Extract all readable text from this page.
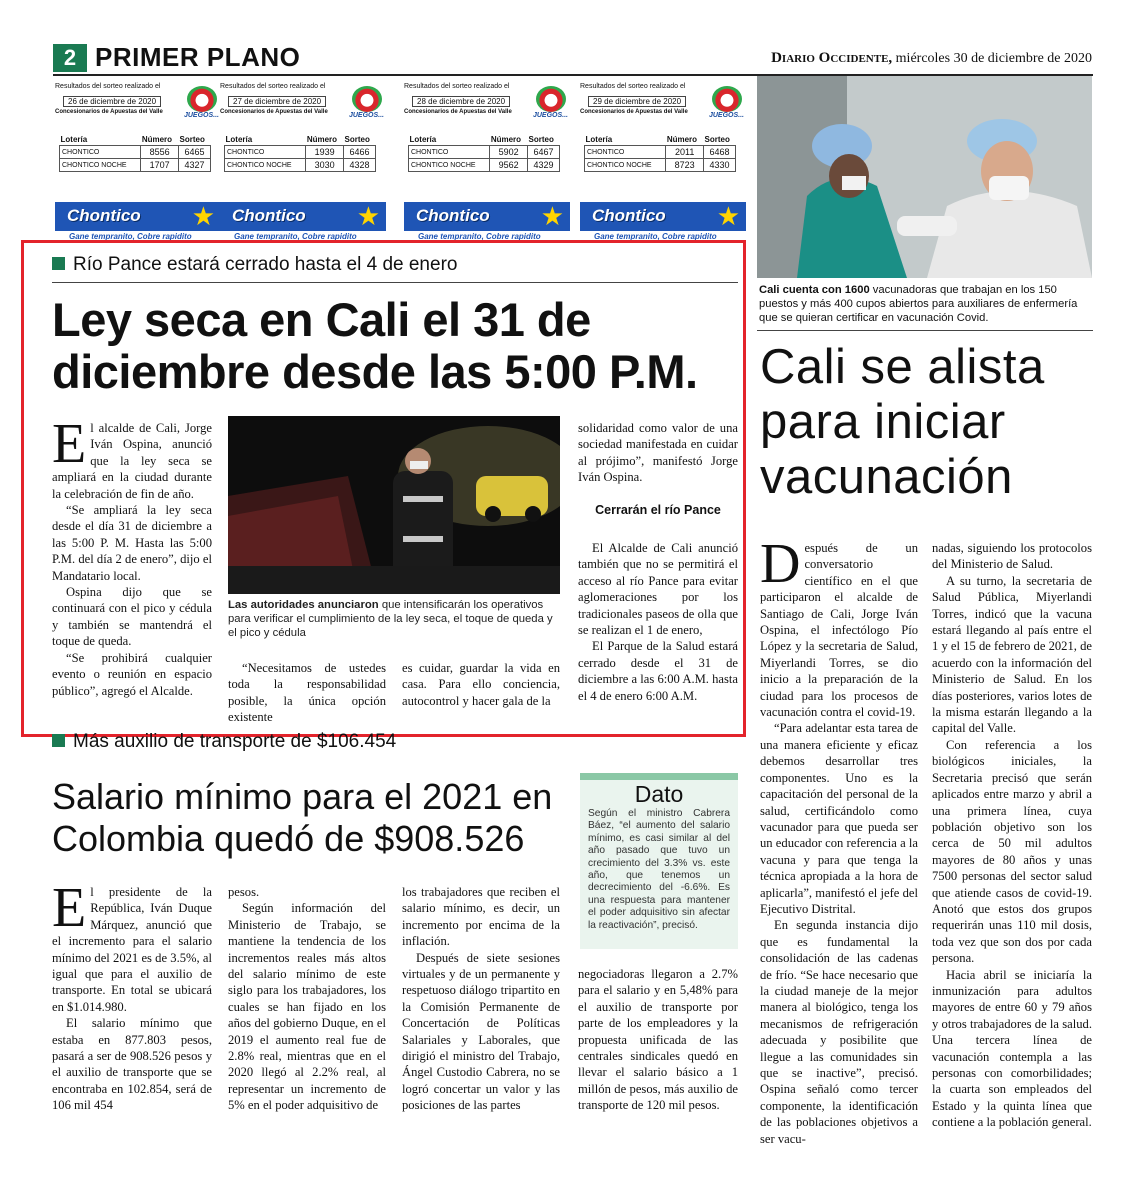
2 PRIMER PLANO	Diario Occidente, miércoles 30 de diciembre de 2020
Resultados del sorteo realizado el
26 de diciembre de 2020
Concesionarios de Apuestas del Valle	JUEGOS...
Lotería	Número	Sorteo
CHONTICO	8556	6465
CHONTICO NOCHE	1707	4327
Chontico ★
Gane tempranito, Cobre rapidito
Resultados del sorteo realizado el
27 de diciembre de 2020
Concesionarios de Apuestas del Valle	JUEGOS...
Lotería	Número	Sorteo
CHONTICO	1939	6466
CHONTICO NOCHE	3030	4328
Chontico ★
Gane tempranito, Cobre rapidito
Resultados del sorteo realizado el
28 de diciembre de 2020
Concesionarios de Apuestas del Valle	JUEGOS...
Lotería	Número	Sorteo
CHONTICO	5902	6467
CHONTICO NOCHE	9562	4329
Chontico ★
Gane tempranito, Cobre rapidito
Resultados del sorteo realizado el
29 de diciembre de 2020
Concesionarios de Apuestas del Valle	JUEGOS...
Lotería	Número	Sorteo
CHONTICO	2011	6468
CHONTICO NOCHE	8723	4330
Chontico ★
Gane tempranito, Cobre rapidito
Río Pance estará cerrado hasta el 4 de enero
Ley seca en Cali el 31 de diciembre desde las 5:00 P.M.

El alcalde de Cali, Jorge Iván Ospina, anunció que la ley seca se ampliará en la ciudad durante la celebración de fin de año.

“Se ampliará la ley seca desde el día 31 de diciembre a las 5:00 P. M. Hasta las 5:00 P.M. del día 2 de enero”, dijo el Mandatario local.

Ospina dijo que se continuará con el pico y cédula y también se mantendrá el toque de queda.

“Se prohibirá cualquier evento o reunión en espacio público”, agregó el Alcalde.

Las autoridades anunciaron que intensificarán los operativos para verificar el cumplimiento de la ley seca, el toque de queda y el pico y cédula

“Necesitamos de ustedes toda la responsabilidad posible, la única opción existente

es cuidar, guardar la vida en casa. Para ello conciencia, autocontrol y hacer gala de la

solidaridad como valor de una sociedad manifestada en cuidar al prójimo”, manifestó Jorge Iván Ospina.

Cerrarán el río Pance

El Alcalde de Cali anunció también que no se permitirá el acceso al río Pance para evitar aglomeraciones por los tradicionales paseos de olla que se realizan el 1 de enero,

El Parque de la Salud estará cerrado desde el 31 de diciembre a las 6:00 A.M. hasta el 4 de enero 6:00 A.M.

Cali cuenta con 1600 vacunadoras que trabajan en los 150 puestos y más 400 cupos abiertos para auxiliares de enfermería que se quieran certificar en vacunación Covid.
Cali se alista para iniciar vacunación

Después de un conversatorio científico en el que participaron el alcalde de Santiago de Cali, Jorge Iván Ospina, el infectólogo Pío López y la secretaria de Salud, Miyerlandi Torres, se dio inicio a la preparación de la ciudad para los procesos de vacunación contra el covid-19.

“Para adelantar esta tarea de una manera eficiente y eficaz debemos desarrollar tres componentes. Uno es la capacitación del personal de la salud, certificándolo como vacunador para que pueda ser un educador con referencia a la vacuna y para que tenga la técnica apropiada a la hora de aplicarla”, manifestó el jefe del Ejecutivo Distrital.

En segunda instancia dijo que es fundamental la consolidación de las cadenas de frío. “Se hace necesario que la ciudad maneje de la mejor manera al biológico, tenga los mecanismos de refrigeración adecuada y posibilite que llegue a las comunidades sin que se inactive”, precisó. Ospina señaló como tercer componente, la identificación de las poblaciones objetivos a ser vacu-

nadas, siguiendo los protocolos del Ministerio de Salud.

A su turno, la secretaria de Salud Pública, Miyerlandi Torres, indicó que la vacuna estará llegando al país entre el 1 y el 15 de febrero de 2021, de acuerdo con la información del Ministerio de Salud. En los días posteriores, varios lotes de la misma estarán llegando a la capital del Valle.

Con referencia a los biológicos iniciales, la Secretaria precisó que serán aplicados entre marzo y abril a una primera línea, cuya población objetivo son los cerca de 50 mil adultos mayores de 80 años y unas 7500 personas del sector salud que atiende casos de covid-19. Anotó que estos dos grupos requerirán unas 110 mil dosis, toda vez que son dos por cada persona.

Hacia abril se iniciaría la inmunización para adultos mayores de entre 60 y 79 años y otros trabajadores de la salud. Una tercera línea de vacunación contempla a las personas con comorbilidades; la cuarta son empleados del Estado y la quinta línea que contiene a la población general.

Más auxilio de transporte de $106.454
Salario mínimo para el 2021 en Colombia quedó de $908.526
Dato

Según el ministro Cabrera Báez, “el aumento del salario mínimo, es casi similar al del año pasado que tuvo un crecimiento del 3.3% vs. este año, que tenemos un decrecimiento del -6.6%. Es una respuesta para mantener el poder adquisitivo sin afectar la reactivación”, precisó.

El presidente de la República, Iván Duque Márquez, anunció que el incremento para el salario mínimo del 2021 es de 3.5%, al igual que para el auxilio de transporte. En total se ubicará en $1.014.980.

El salario mínimo que estaba en 877.803 pesos, pasará a ser de 908.526 pesos y el auxilio de transporte que se encontraba en 102.854, será de 106 mil 454

pesos.

Según información del Ministerio de Trabajo, se mantiene la tendencia de los incrementos reales más altos del salario mínimo de este siglo para los trabajadores, los cuales se han fijado en los años del gobierno Duque, en el 2019 el aumento real fue de 2.8% real, mientras que en el 2020 llegó al 2.2% real, al representar un incremento de 5% en el poder adquisitivo de

los trabajadores que reciben el salario mínimo, es decir, un incremento por encima de la inflación.

Después de siete sesiones virtuales y de un permanente y respetuoso diálogo tripartito en la Comisión Permanente de Concertación de Políticas Salariales y Laborales, que dirigió el ministro del Trabajo, Ángel Custodio Cabrera, no se logró concertar un valor y las posiciones de las partes

negociadoras llegaron a 2.7% para el salario y en 5,48% para el auxilio de transporte por parte de los empleadores y la propuesta unificada de las centrales sindicales quedó en llevar el salario básico a 1 millón de pesos, más auxilio de transporte de 120 mil pesos.
